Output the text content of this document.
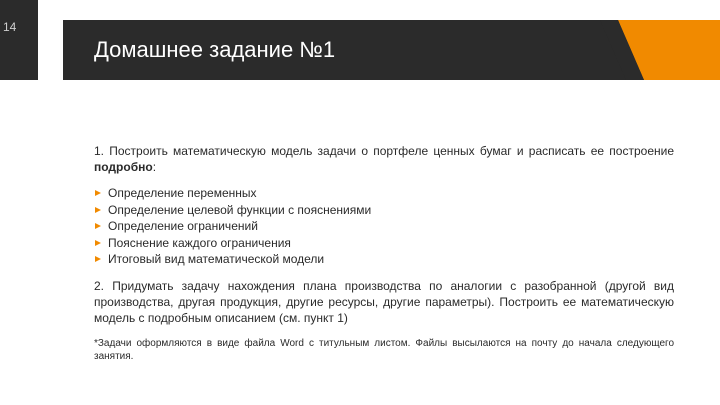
14
Домашнее задание №1

1. Построить математическую модель задачи о портфеле ценных бумаг и расписать ее построение подробно:

Определение переменных
Определение целевой функции с пояснениями
Определение ограничений
Пояснение каждого ограничения
Итоговый вид математической модели

2. Придумать задачу нахождения плана производства по аналогии с разобранной (другой вид производства, другая продукция, другие ресурсы, другие параметры). Построить ее математическую модель с подробным описанием (см. пункт 1)

*Задачи оформляются в виде файла Word с титульным листом. Файлы высылаются на почту до начала следующего занятия.
